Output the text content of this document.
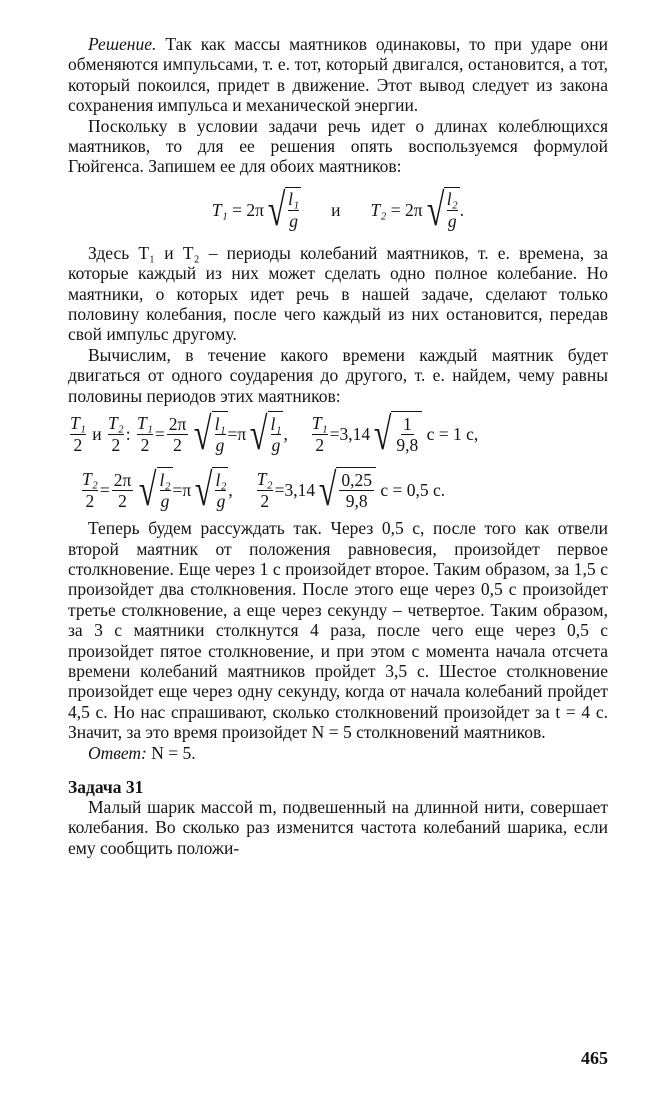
Решение. Так как массы маятников одинаковы, то при ударе они обменяются импульсами, т. е. тот, который двигался, остановится, а тот, который покоился, придет в движение. Этот вывод следует из закона сохранения импульса и механической энергии.

Поскольку в условии задачи речь идет о длинах колеблющихся маятников, то для ее решения опять воспользуемся формулой Гюйгенса. Запишем ее для обоих маятников:

T₁
=
2π √ l₁
g
и T₂
=
2π √ l₂
g
.

Здесь T₁ и T₂ – периоды колебаний маятников, т. е. времена, за которые каждый из них может сделать одно полное колебание. Но маятники, о которых идет речь в нашей задаче, сделают только половину колебания, после чего каждый из них остановится, передав свой импульс другому.

Вычислим, в течение какого времени каждый маятник будет двигаться от одного соударения до другого, т. е. найдем, чему равны половины периодов этих маятников:

T₁
2

и

T₂
2
:
$\frac{\text{T₁}}{2} = \frac{2\pi}{2}$ √ l₁
g
= π √ l₁
g
, $\frac{\text{T₁}}{2} = 3,14$ √ 1
9,8

с = 1 с,
$\frac{\text{T₂}}{2} = \frac{2\pi}{2}$ √ l₂
g
= π √ l₂
g
, $\frac{\text{T₂}}{2} = 3,14$ √ 0,25
9,8

с = 0,5 с.

Теперь будем рассуждать так. Через 0,5 с, после того как отвели второй маятник от положения равновесия, произойдет первое столкновение. Еще через 1 с произойдет второе. Таким образом, за 1,5 с произойдет два столкновения. После этого еще через 0,5 с произойдет третье столкновение, а еще через секунду – четвертое. Таким образом, за 3 с маятники столкнутся 4 раза, после чего еще через 0,5 с произойдет пятое столкновение, и при этом с момента начала отсчета времени колебаний маятников пройдет 3,5 с. Шестое столкновение произойдет еще через одну секунду, когда от начала колебаний пройдет 4,5 с. Но нас спрашивают, сколько столкновений произойдет за t = 4 с. Значит, за это время произойдет N = 5 столкновений маятников.

Ответ: N = 5.

Задача 31

Малый шарик массой m, подвешенный на длинной нити, совершает колебания. Во сколько раз изменится частота колебаний шарика, если ему сообщить положи-

465
